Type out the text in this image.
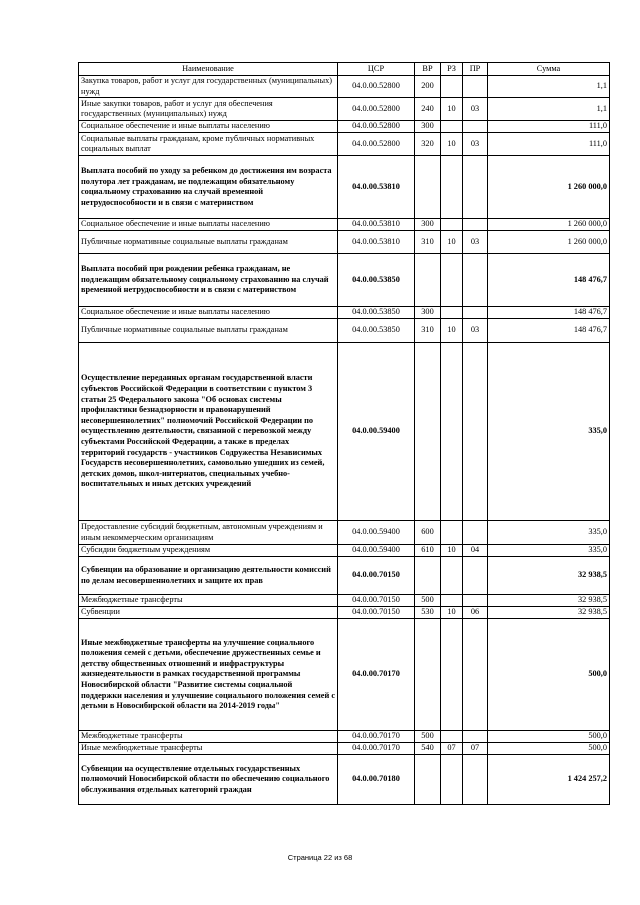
Наименование	ЦСР	ВР	РЗ	ПР	Сумма
Закупка товаров, работ и услуг для государственных (муниципальных) нужд	04.0.00.52800	200			1,1
Иные закупки товаров, работ и услуг для обеспечения государственных (муниципальных) нужд	04.0.00.52800	240	10	03	1,1
Социальное обеспечение и иные выплаты населению	04.0.00.52800	300			111,0
Социальные выплаты гражданам, кроме публичных нормативных социальных выплат	04.0.00.52800	320	10	03	111,0
Выплата пособий по уходу за ребенком до достижения им возраста полутора лет гражданам, не подлежащим обязательному социальному страхованию на случай временной нетрудоспособности и в связи с материнством	04.0.00.53810				1 260 000,0
Социальное обеспечение и иные выплаты населению	04.0.00.53810	300			1 260 000,0
Публичные нормативные социальные выплаты гражданам	04.0.00.53810	310	10	03	1 260 000,0
Выплата пособий при рождении ребенка гражданам, не подлежащим обязательному социальному страхованию на случай временной нетрудоспособности и в связи с материнством	04.0.00.53850				148 476,7
Социальное обеспечение и иные выплаты населению	04.0.00.53850	300			148 476,7
Публичные нормативные социальные выплаты гражданам	04.0.00.53850	310	10	03	148 476,7
Осуществление переданных органам государственной власти субъектов Российской Федерации в соответствии с пунктом 3 статьи 25 Федерального закона "Об основах системы профилактики безнадзорности и правонарушений несовершеннолетних" полномочий Российской Федерации по осуществлению деятельности, связанной с перевозкой между субъектами Российской Федерации, а также в пределах территорий государств - участников Содружества Независимых Государств несовершеннолетних, самовольно ушедших из семей, детских домов, школ-интернатов, специальных учебно-воспитательных и иных детских учреждений	04.0.00.59400				335,0
Предоставление субсидий бюджетным, автономным учреждениям и иным некоммерческим организациям	04.0.00.59400	600			335,0
Субсидии бюджетным учреждениям	04.0.00.59400	610	10	04	335,0
Субвенции на образование и организацию деятельности комиссий по делам несовершеннолетних и защите их прав	04.0.00.70150				32 938,5
Межбюджетные трансферты	04.0.00.70150	500			32 938,5
Субвенции	04.0.00.70150	530	10	06	32 938,5
Иные межбюджетные трансферты на улучшение социального положения семей с детьми, обеспечение дружественных семье и детству общественных отношений и инфраструктуры жизнедеятельности в рамках государственной программы Новосибирской области "Развитие системы социальной поддержки населения и улучшение социального положения семей с детьми в Новосибирской области на 2014-2019 годы"	04.0.00.70170				500,0
Межбюджетные трансферты	04.0.00.70170	500			500,0
Иные межбюджетные трансферты	04.0.00.70170	540	07	07	500,0
Субвенции на осуществление отдельных государственных полномочий Новосибирской области по обеспечению социального обслуживания отдельных категорий граждан	04.0.00.70180				1 424 257,2
Страница 22 из 68
